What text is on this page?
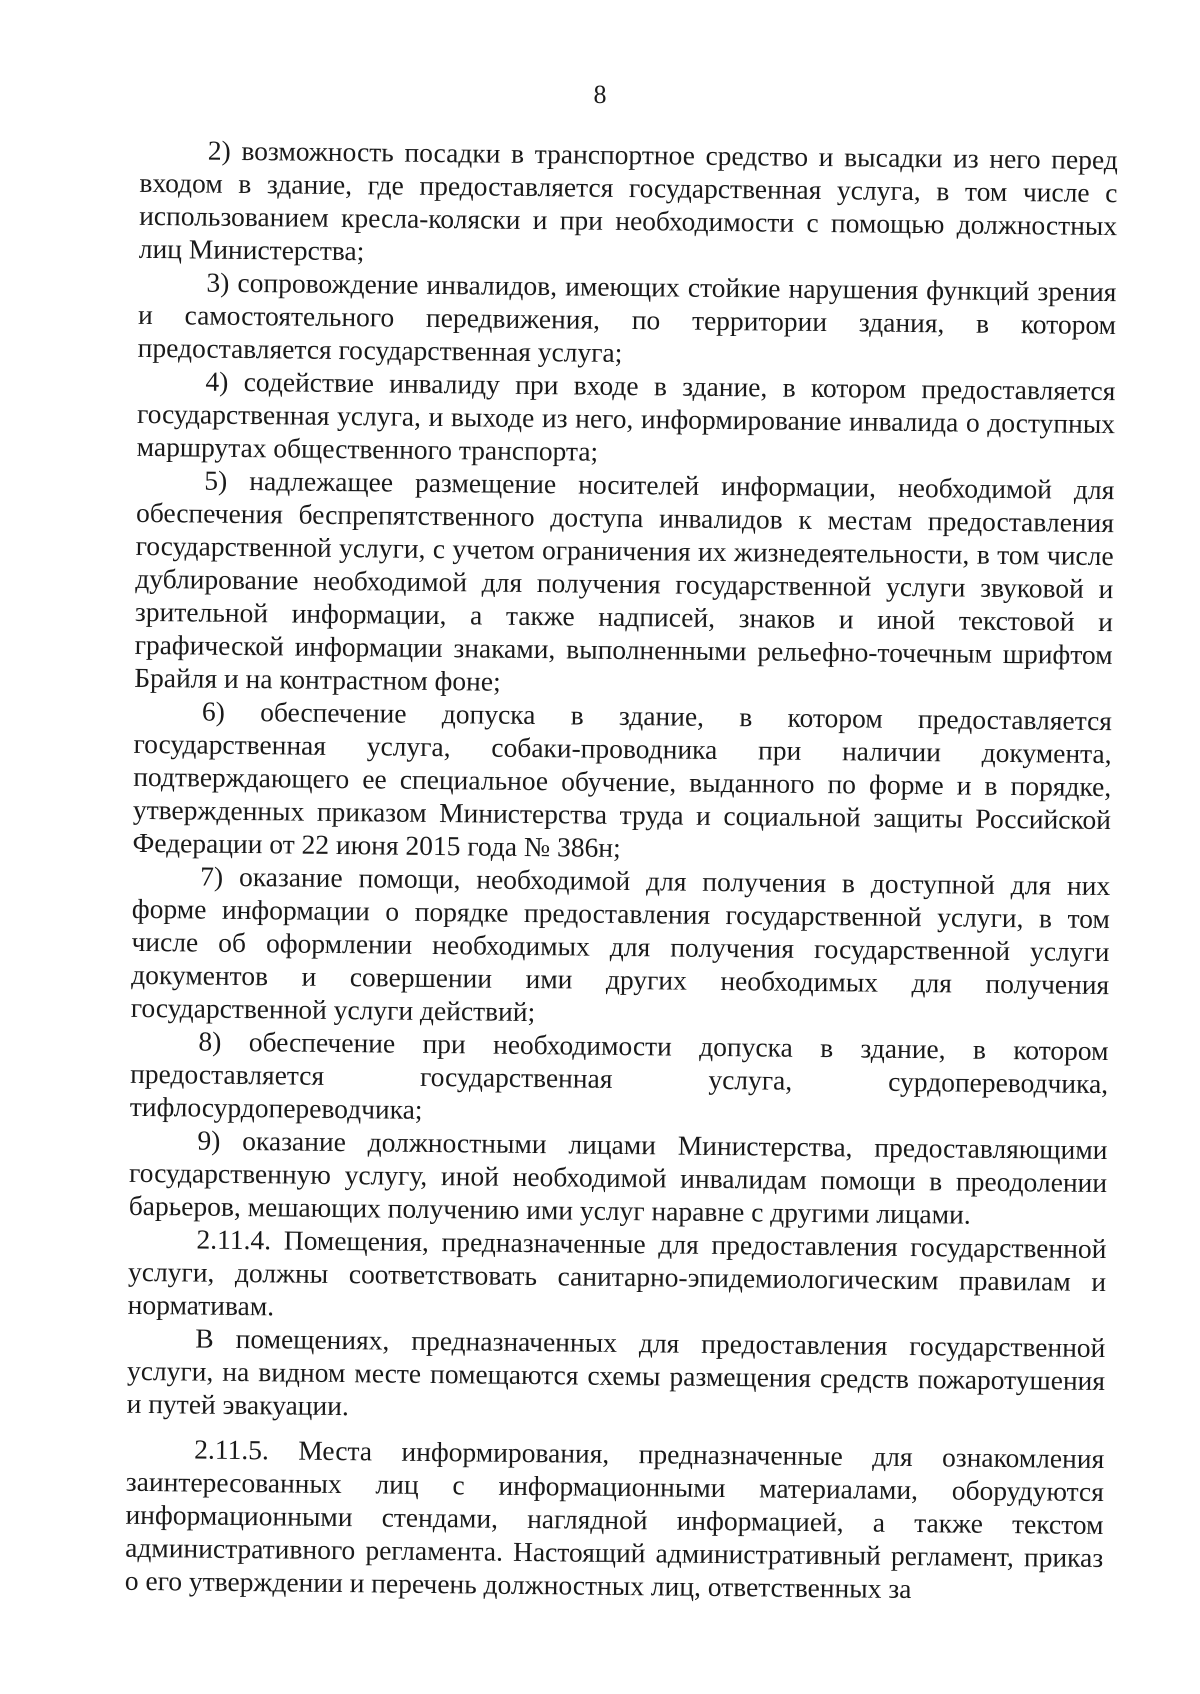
8

2) возможность посадки в транспортное средство и высадки из него перед входом в здание, где предоставляется государственная услуга, в том числе с использованием кресла-коляски и при необходимости с помощью должностных лиц Министерства;

3) сопровождение инвалидов, имеющих стойкие нарушения функций зрения и самостоятельного передвижения, по территории здания, в котором предоставляется государственная услуга;

4) содействие инвалиду при входе в здание, в котором предоставляется государственная услуга, и выходе из него, информирование инвалида о доступных маршрутах общественного транспорта;

5) надлежащее размещение носителей информации, необходимой для обеспечения беспрепятственного доступа инвалидов к местам предоставления государственной услуги, с учетом ограничения их жизнедеятельности, в том числе дублирование необходимой для получения государственной услуги звуковой и зрительной информации, а также надписей, знаков и иной текстовой и графической информации знаками, выполненными рельефно-точечным шрифтом Брайля и на контрастном фоне;

6) обеспечение допуска в здание, в котором предоставляется государственная услуга, собаки-проводника при наличии документа, подтверждающего ее специальное обучение, выданного по форме и в порядке, утвержденных приказом Министерства труда и социальной защиты Российской Федерации от 22 июня 2015 года № 386н;

7) оказание помощи, необходимой для получения в доступной для них форме информации о порядке предоставления государственной услуги, в том числе об оформлении необходимых для получения государственной услуги документов и совершении ими других необходимых для получения государственной услуги действий;

8) обеспечение при необходимости допуска в здание, в котором предоставляется государственная услуга, сурдопереводчика, тифлосурдопереводчика;

9) оказание должностными лицами Министерства, предоставляющими государственную услугу, иной необходимой инвалидам помощи в преодолении барьеров, мешающих получению ими услуг наравне с другими лицами.

2.11.4. Помещения, предназначенные для предоставления государственной услуги, должны соответствовать санитарно-эпидемиологическим правилам и нормативам.

В помещениях, предназначенных для предоставления государственной услуги, на видном месте помещаются схемы размещения средств пожаротушения и путей эвакуации.

2.11.5. Места информирования, предназначенные для ознакомления заинтересованных лиц с информационными материалами, оборудуются информационными стендами, наглядной информацией, а также текстом административного регламента. Настоящий административный регламент, приказ о его утверждении и перечень должностных лиц, ответственных за
